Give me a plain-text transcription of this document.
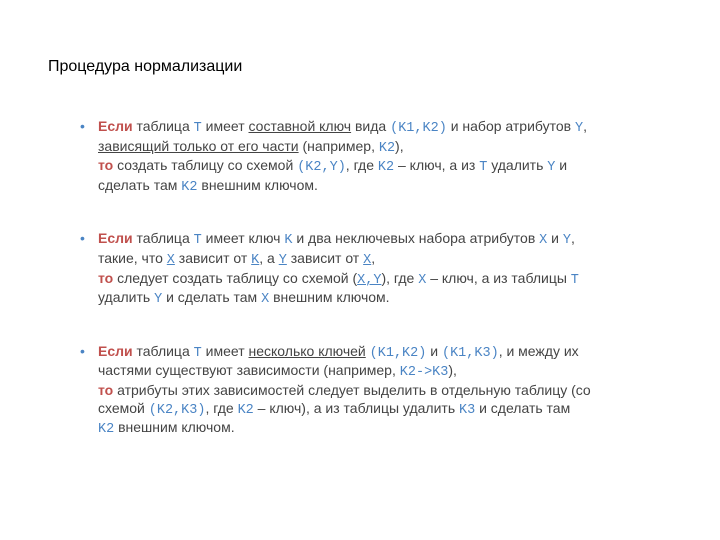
Процедура нормализации
• Если таблица T имеет составной ключ вида (K1,K2) и набор атрибутов Y,
зависящий только от его части (например, K2),
то создать таблицу со схемой (K2,Y), где K2 – ключ, а из T удалить Y и
сделать там K2 внешним ключом.
• Если таблица T имеет ключ K и два неключевых набора атрибутов X и Y,
такие, что X зависит от K, а Y зависит от X,
то следует создать таблицу со схемой (X,Y), где X – ключ, а из таблицы T
удалить Y и сделать там X внешним ключом.
• Если таблица T имеет несколько ключей (K1,K2) и (K1,K3), и между их
частями существуют зависимости (например, K2->K3),
то атрибуты этих зависимостей следует выделить в отдельную таблицу (со
схемой (K2,K3), где K2 – ключ), а из таблицы удалить K3 и сделать там
K2 внешним ключом.
